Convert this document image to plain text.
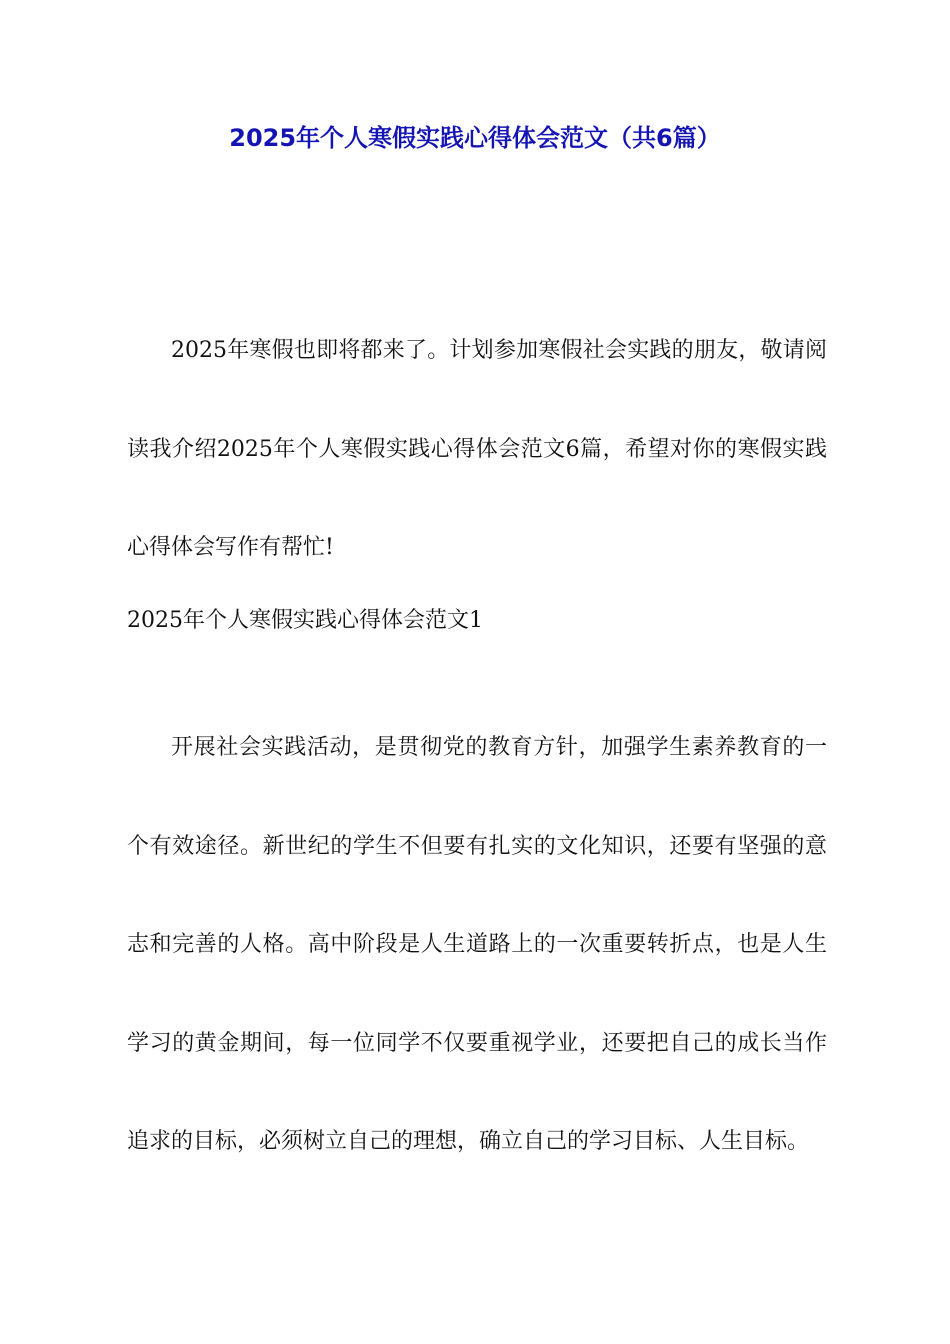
2025年个人寒假实践心得体会范文（共6篇）
2025年寒假也即将都来了。计划参加寒假社会实践的朋友，敬请阅读我介绍2025年个人寒假实践心得体会范文6篇，希望对你的寒假实践心得体会写作有帮忙!
2025年个人寒假实践心得体会范文1
开展社会实践活动，是贯彻党的教育方针，加强学生素养教育的一个有效途径。新世纪的学生不但要有扎实的文化知识，还要有坚强的意志和完善的人格。高中阶段是人生道路上的一次重要转折点，也是人生学习的黄金期间，每一位同学不仅要重视学业，还要把自己的成长当作追求的目标，必须树立自己的理想，确立自己的学习目标、人生目标。
